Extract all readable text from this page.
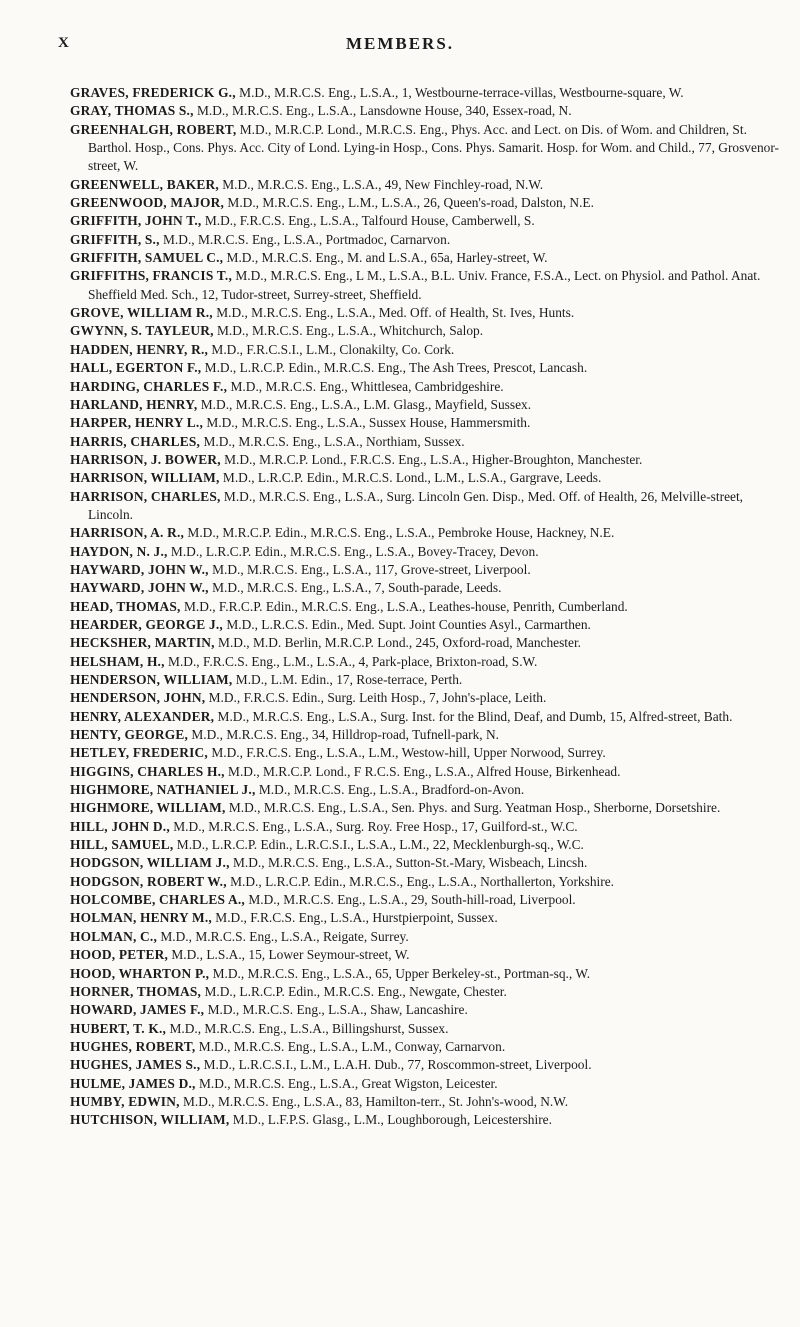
X	MEMBERS.

GRAVES, FREDERICK G., M.D., M.R.C.S. Eng., L.S.A., 1, Westbourne-terrace-villas, Westbourne-square, W.

GRAY, THOMAS S., M.D., M.R.C.S. Eng., L.S.A., Lansdowne House, 340, Essex-road, N.

GREENHALGH, ROBERT, M.D., M.R.C.P. Lond., M.R.C.S. Eng., Phys. Acc. and Lect. on Dis. of Wom. and Children, St. Barthol. Hosp., Cons. Phys. Acc. City of Lond. Lying-in Hosp., Cons. Phys. Samarit. Hosp. for Wom. and Child., 77, Grosvenor-street, W.

GREENWELL, BAKER, M.D., M.R.C.S. Eng., L.S.A., 49, New Finchley-road, N.W.

GREENWOOD, MAJOR, M.D., M.R.C.S. Eng., L.M., L.S.A., 26, Queen's-road, Dalston, N.E.

GRIFFITH, JOHN T., M.D., F.R.C.S. Eng., L.S.A., Talfourd House, Camberwell, S.

GRIFFITH, S., M.D., M.R.C.S. Eng., L.S.A., Portmadoc, Carnarvon.

GRIFFITH, SAMUEL C., M.D., M.R.C.S. Eng., M. and L.S.A., 65a, Harley-street, W.

GRIFFITHS, FRANCIS T., M.D., M.R.C.S. Eng., L M., L.S.A., B.L. Univ. France, F.S.A., Lect. on Physiol. and Pathol. Anat. Sheffield Med. Sch., 12, Tudor-street, Surrey-street, Sheffield.

GROVE, WILLIAM R., M.D., M.R.C.S. Eng., L.S.A., Med. Off. of Health, St. Ives, Hunts.

GWYNN, S. TAYLEUR, M.D., M.R.C.S. Eng., L.S.A., Whitchurch, Salop.

HADDEN, HENRY, R., M.D., F.R.C.S.I., L.M., Clonakilty, Co. Cork.

HALL, EGERTON F., M.D., L.R.C.P. Edin., M.R.C.S. Eng., The Ash Trees, Prescot, Lancash.

HARDING, CHARLES F., M.D., M.R.C.S. Eng., Whittlesea, Cambridgeshire.

HARLAND, HENRY, M.D., M.R.C.S. Eng., L.S.A., L.M. Glasg., Mayfield, Sussex.

HARPER, HENRY L., M.D., M.R.C.S. Eng., L.S.A., Sussex House, Hammersmith.

HARRIS, CHARLES, M.D., M.R.C.S. Eng., L.S.A., Northiam, Sussex.

HARRISON, J. BOWER, M.D., M.R.C.P. Lond., F.R.C.S. Eng., L.S.A., Higher-Broughton, Manchester.

HARRISON, WILLIAM, M.D., L.R.C.P. Edin., M.R.C.S. Lond., L.M., L.S.A., Gargrave, Leeds.

HARRISON, CHARLES, M.D., M.R.C.S. Eng., L.S.A., Surg. Lincoln Gen. Disp., Med. Off. of Health, 26, Melville-street, Lincoln.

HARRISON, A. R., M.D., M.R.C.P. Edin., M.R.C.S. Eng., L.S.A., Pembroke House, Hackney, N.E.

HAYDON, N. J., M.D., L.R.C.P. Edin., M.R.C.S. Eng., L.S.A., Bovey-Tracey, Devon.

HAYWARD, JOHN W., M.D., M.R.C.S. Eng., L.S.A., 117, Grove-street, Liverpool.

HAYWARD, JOHN W., M.D., M.R.C.S. Eng., L.S.A., 7, South-parade, Leeds.

HEAD, THOMAS, M.D., F.R.C.P. Edin., M.R.C.S. Eng., L.S.A., Leathes-house, Penrith, Cumberland.

HEARDER, GEORGE J., M.D., L.R.C.S. Edin., Med. Supt. Joint Counties Asyl., Carmarthen.

HECKSHER, MARTIN, M.D., M.D. Berlin, M.R.C.P. Lond., 245, Oxford-road, Manchester.

HELSHAM, H., M.D., F.R.C.S. Eng., L.M., L.S.A., 4, Park-place, Brixton-road, S.W.

HENDERSON, WILLIAM, M.D., L.M. Edin., 17, Rose-terrace, Perth.

HENDERSON, JOHN, M.D., F.R.C.S. Edin., Surg. Leith Hosp., 7, John's-place, Leith.

HENRY, ALEXANDER, M.D., M.R.C.S. Eng., L.S.A., Surg. Inst. for the Blind, Deaf, and Dumb, 15, Alfred-street, Bath.

HENTY, GEORGE, M.D., M.R.C.S. Eng., 34, Hilldrop-road, Tufnell-park, N.

HETLEY, FREDERIC, M.D., F.R.C.S. Eng., L.S.A., L.M., Westow-hill, Upper Norwood, Surrey.

HIGGINS, CHARLES H., M.D., M.R.C.P. Lond., F R.C.S. Eng., L.S.A., Alfred House, Birkenhead.

HIGHMORE, NATHANIEL J., M.D., M.R.C.S. Eng., L.S.A., Bradford-on-Avon.

HIGHMORE, WILLIAM, M.D., M.R.C.S. Eng., L.S.A., Sen. Phys. and Surg. Yeatman Hosp., Sherborne, Dorsetshire.

HILL, JOHN D., M.D., M.R.C.S. Eng., L.S.A., Surg. Roy. Free Hosp., 17, Guilford-st., W.C.

HILL, SAMUEL, M.D., L.R.C.P. Edin., L.R.C.S.I., L.S.A., L.M., 22, Mecklenburgh-sq., W.C.

HODGSON, WILLIAM J., M.D., M.R.C.S. Eng., L.S.A., Sutton-St.-Mary, Wisbeach, Lincsh.

HODGSON, ROBERT W., M.D., L.R.C.P. Edin., M.R.C.S., Eng., L.S.A., Northallerton, Yorkshire.

HOLCOMBE, CHARLES A., M.D., M.R.C.S. Eng., L.S.A., 29, South-hill-road, Liverpool.

HOLMAN, HENRY M., M.D., F.R.C.S. Eng., L.S.A., Hurstpierpoint, Sussex.

HOLMAN, C., M.D., M.R.C.S. Eng., L.S.A., Reigate, Surrey.

HOOD, PETER, M.D., L.S.A., 15, Lower Seymour-street, W.

HOOD, WHARTON P., M.D., M.R.C.S. Eng., L.S.A., 65, Upper Berkeley-st., Portman-sq., W.

HORNER, THOMAS, M.D., L.R.C.P. Edin., M.R.C.S. Eng., Newgate, Chester.

HOWARD, JAMES F., M.D., M.R.C.S. Eng., L.S.A., Shaw, Lancashire.

HUBERT, T. K., M.D., M.R.C.S. Eng., L.S.A., Billingshurst, Sussex.

HUGHES, ROBERT, M.D., M.R.C.S. Eng., L.S.A., L.M., Conway, Carnarvon.

HUGHES, JAMES S., M.D., L.R.C.S.I., L.M., L.A.H. Dub., 77, Roscommon-street, Liverpool.

HULME, JAMES D., M.D., M.R.C.S. Eng., L.S.A., Great Wigston, Leicester.

HUMBY, EDWIN, M.D., M.R.C.S. Eng., L.S.A., 83, Hamilton-terr., St. John's-wood, N.W.

HUTCHISON, WILLIAM, M.D., L.F.P.S. Glasg., L.M., Loughborough, Leicestershire.
